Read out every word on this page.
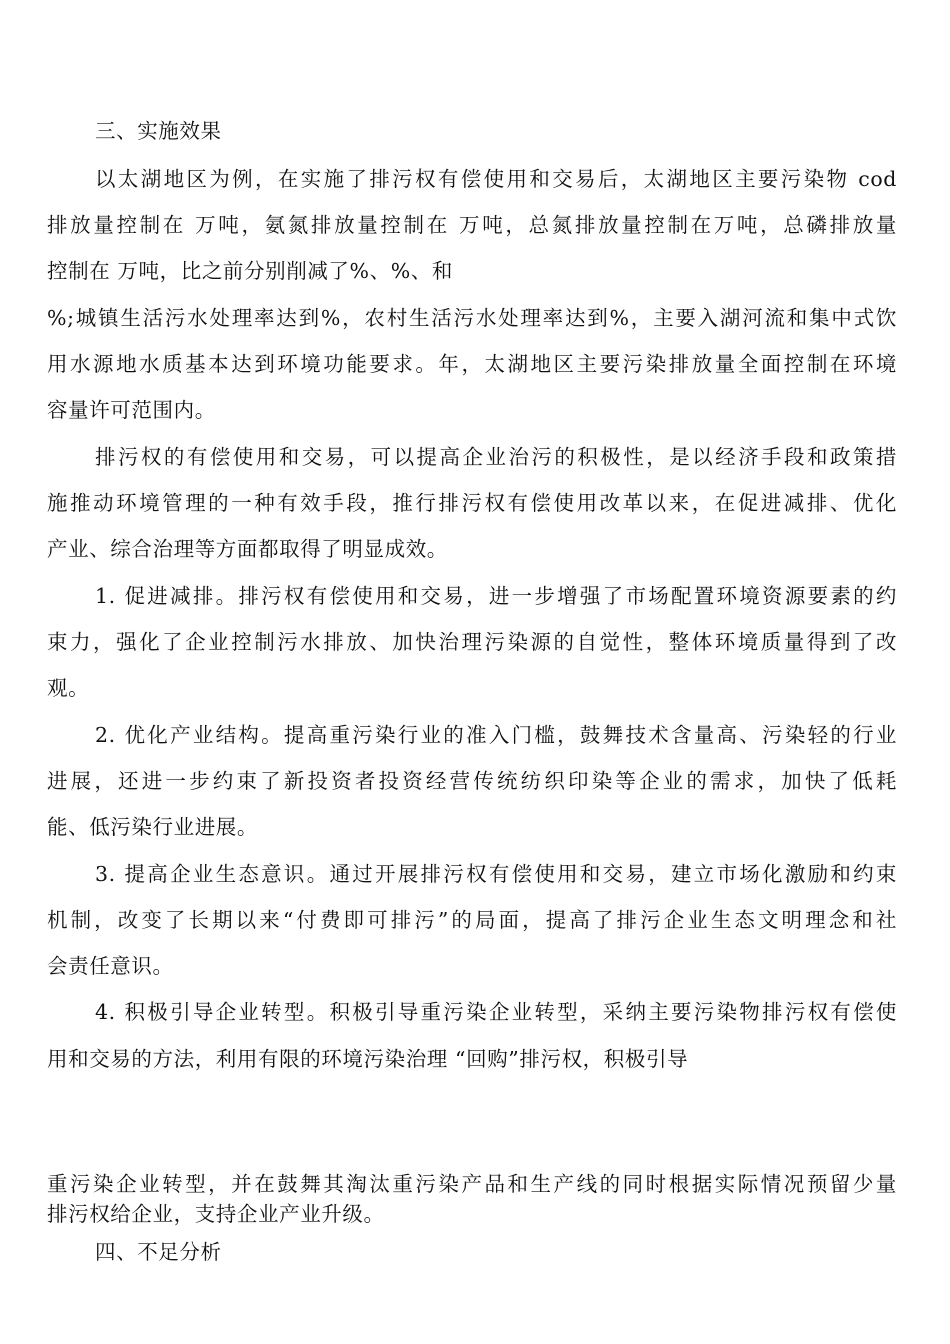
三、实施效果
以太湖地区为例，在实施了排污权有偿使用和交易后，太湖地区主要污染物 cod
排放量控制在 万吨，氨氮排放量控制在 万吨，总氮排放量控制在万吨，总磷排放量
控制在 万吨，比之前分别削减了%、%、和
%;城镇生活污水处理率达到%，农村生活污水处理率达到%，主要入湖河流和集中式饮
用水源地水质基本达到环境功能要求。年，太湖地区主要污染排放量全面控制在环境
容量许可范围内。
排污权的有偿使用和交易，可以提高企业治污的积极性，是以经济手段和政策措
施推动环境管理的一种有效手段，推行排污权有偿使用改革以来，在促进减排、优化
产业、综合治理等方面都取得了明显成效。
1. 促进减排。排污权有偿使用和交易，进一步增强了市场配置环境资源要素的约
束力，强化了企业控制污水排放、加快治理污染源的自觉性，整体环境质量得到了改
观。
2. 优化产业结构。提高重污染行业的准入门槛，鼓舞技术含量高、污染轻的行业
进展，还进一步约束了新投资者投资经营传统纺织印染等企业的需求，加快了低耗
能、低污染行业进展。
3. 提高企业生态意识。通过开展排污权有偿使用和交易，建立市场化激励和约束
机制，改变了长期以来“付费即可排污”的局面，提高了排污企业生态文明理念和社
会责任意识。
4. 积极引导企业转型。积极引导重污染企业转型，采纳主要污染物排污权有偿使
用和交易的方法，利用有限的环境污染治理 “回购”排污权，积极引导
重污染企业转型，并在鼓舞其淘汰重污染产品和生产线的同时根据实际情况预留少量
排污权给企业，支持企业产业升级。
四、不足分析
